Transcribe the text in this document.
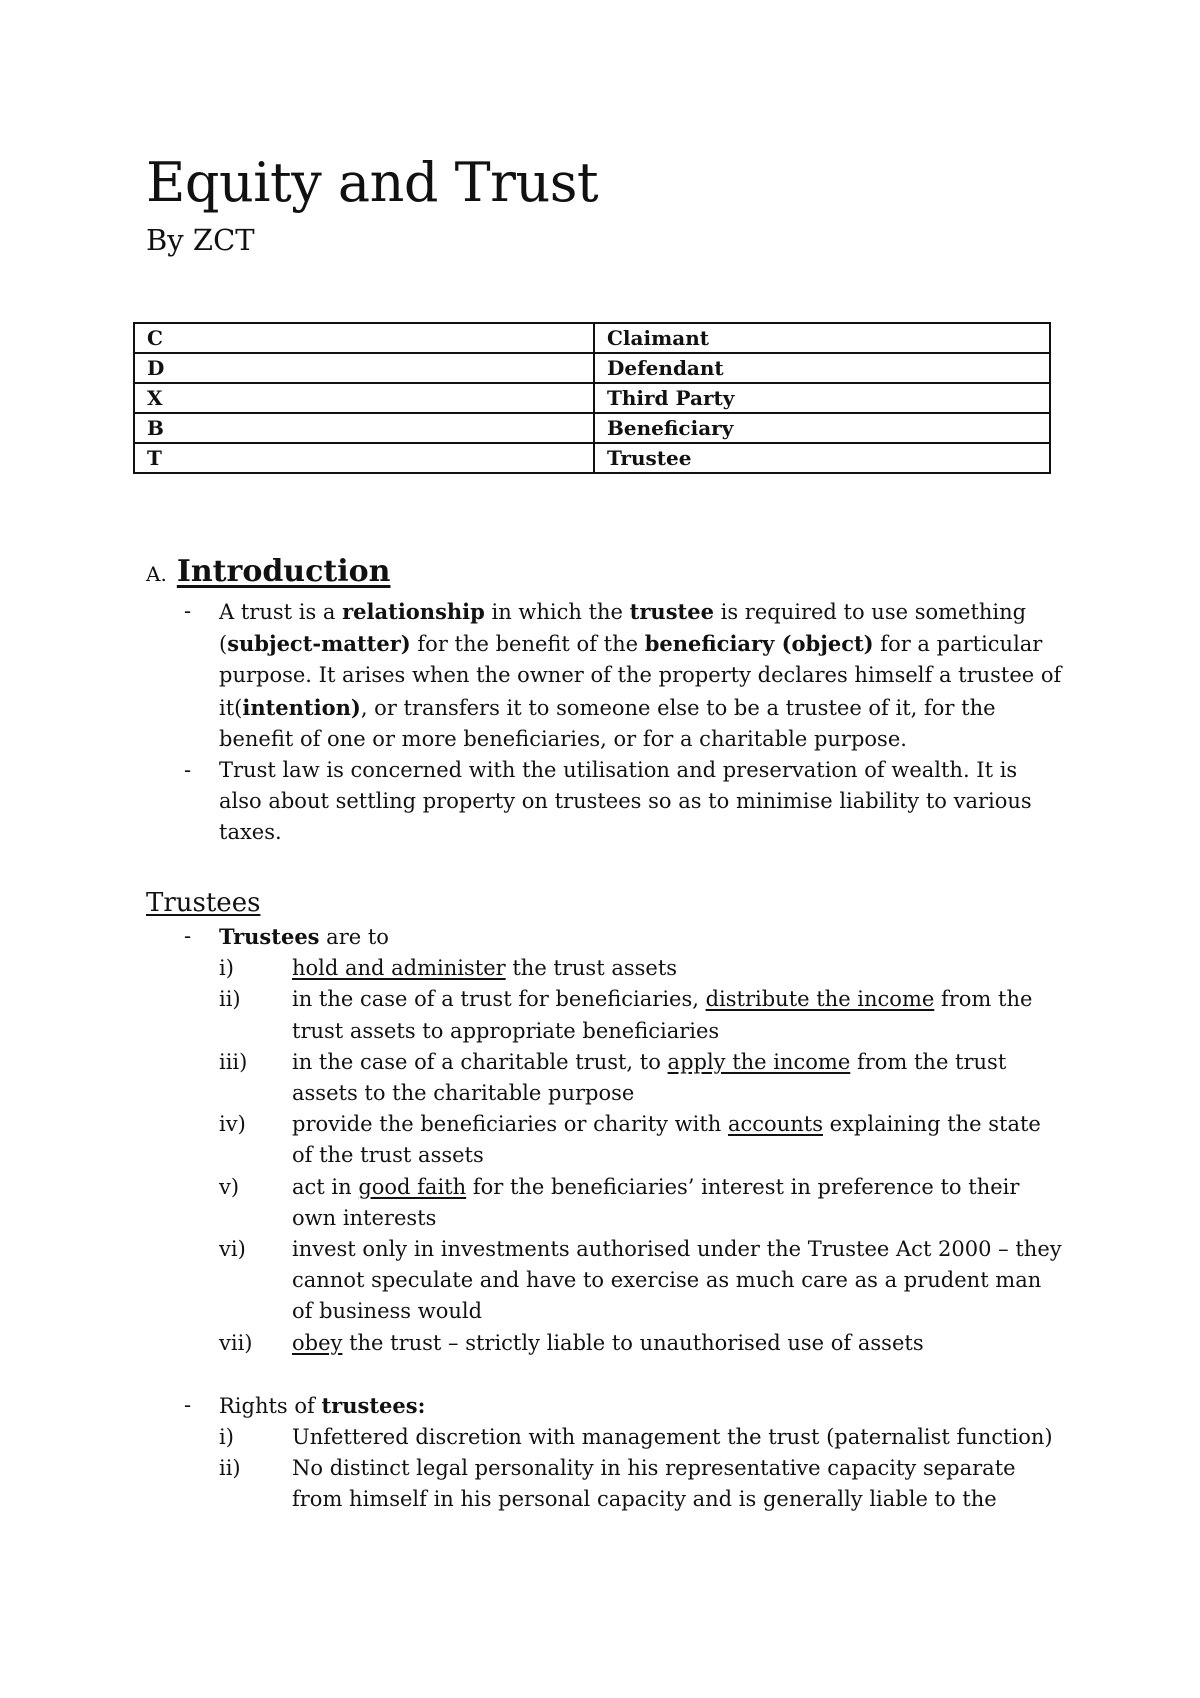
Equity and Trust

By ZCT

C	Claimant
D	Defendant
X	Third Party
B	Beneficiary
T	Trustee
A. Introduction
- A trust is a relationship in which the trustee is required to use something (subject-matter) for the benefit of the beneficiary (object) for a particular purpose. It arises when the owner of the property declares himself a trustee of it(intention), or transfers it to someone else to be a trustee of it, for the benefit of one or more beneficiaries, or for a charitable purpose.
- Trust law is concerned with the utilisation and preservation of wealth. It is also about settling property on trustees so as to minimise liability to various taxes.
Trustees
- Trustees are to
i)	hold and administer the trust assets
ii) in the case of a trust for beneficiaries, distribute the income from the trust assets to appropriate beneficiaries
iii) in the case of a charitable trust, to apply the income from the trust assets to the charitable purpose
iv) provide the beneficiaries or charity with accounts explaining the state of the trust assets
v)	act in good faith for the beneficiaries’ interest in preference to their own interests
vi) invest only in investments authorised under the Trustee Act 2000 – they cannot speculate and have to exercise as much care as a prudent man of business would
vii) obey the trust – strictly liable to unauthorised use of assets
- Rights of trustees:
i)	Unfettered discretion with management the trust (paternalist function)
ii) No distinct legal personality in his representative capacity separate from himself in his personal capacity and is generally liable to the
